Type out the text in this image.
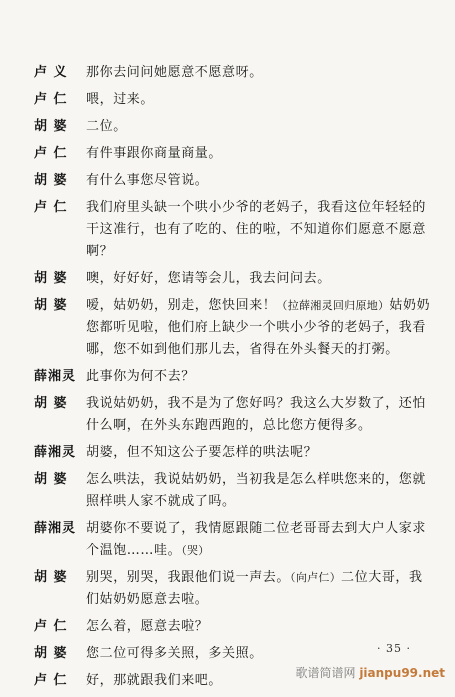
卢 义	那你去问问她愿意不愿意呀。
卢 仁	喂，过来。
胡 婆	二位。
卢 仁	有件事跟你商量商量。
胡 婆	有什么事您尽管说。
卢 仁	我们府里头缺一个哄小少爷的老妈子，我看这位年轻轻的干这准行，也有了吃的、住的啦，不知道你们愿意不愿意啊？
胡 婆	噢，好好好，您请等会儿，我去问问去。
胡 婆	嗳，姑奶奶，别走，您快回来！（拉薛湘灵回归原地）姑奶奶您都听见啦，他们府上缺少一个哄小少爷的老妈子，我看哪，您不如到他们那儿去，省得在外头餐天的打粥。
薛湘灵 此事你为何不去？
胡 婆	我说姑奶奶，我不是为了您好吗？我这么大岁数了，还怕什么啊，在外头东跑西跑的，总比您方便得多。
薛湘灵 胡婆，但不知这公子要怎样的哄法呢？
胡 婆	怎么哄法，我说姑奶奶，当初我是怎么样哄您来的，您就照样哄人家不就成了吗。
薛湘灵 胡婆你不要说了，我情愿跟随二位老哥哥去到大户人家求个温饱……哇。（哭）
胡 婆	别哭，别哭，我跟他们说一声去。（向卢仁）二位大哥，我们姑奶奶愿意去啦。
卢 仁	怎么着，愿意去啦？
胡 婆	您二位可得多关照，多关照。
卢 仁	好，那就跟我们来吧。
· 35 ·
歌谱简谱网 jianpu99.net
